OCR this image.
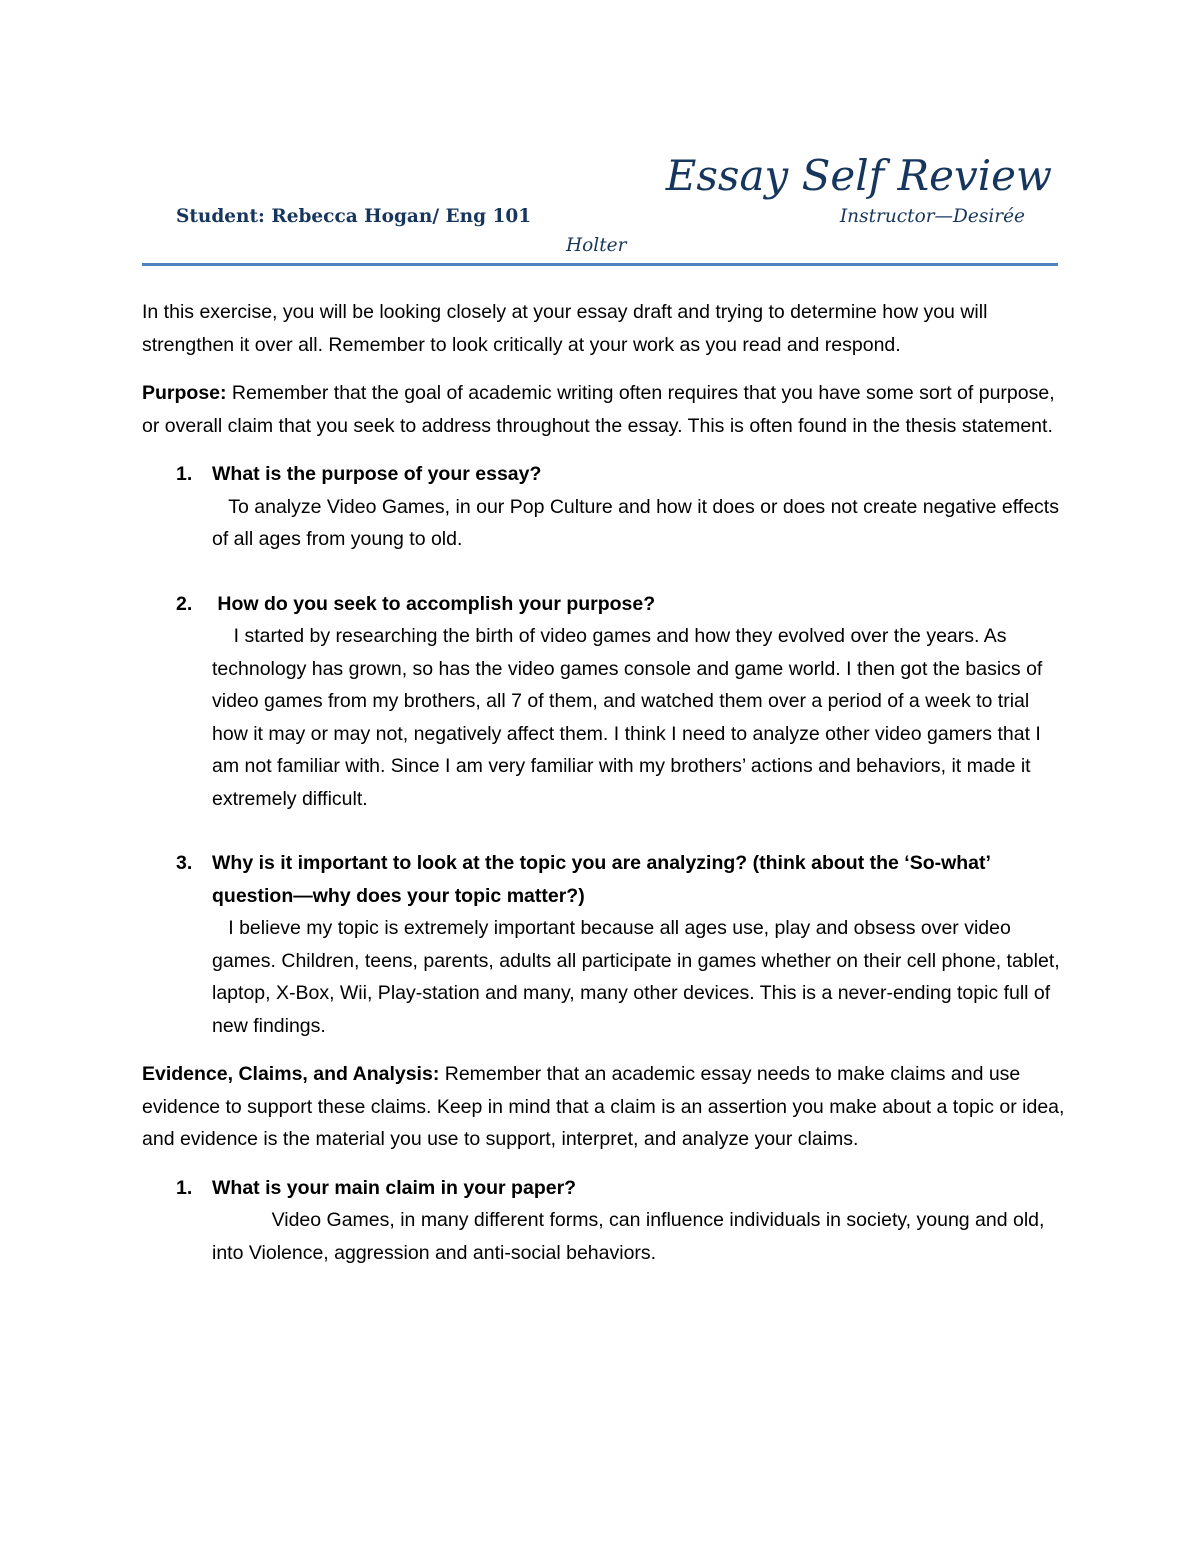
Essay Self Review
Student: Rebecca Hogan/ Eng 101	Instructor—Desirée
Holter

In this exercise, you will be looking closely at your essay draft and trying to determine how you will strengthen it over all. Remember to look critically at your work as you read and respond.

Purpose: Remember that the goal of academic writing often requires that you have some sort of purpose, or overall claim that you seek to address throughout the essay. This is often found in the thesis statement.

1. What is the purpose of your essay?
To analyze Video Games, in our Pop Culture and how it does or does not create negative effects of all ages from young to old.
2. How do you seek to accomplish your purpose?
I started by researching the birth of video games and how they evolved over the years. As technology has grown, so has the video games console and game world. I then got the basics of video games from my brothers, all 7 of them, and watched them over a period of a week to trial how it may or may not, negatively affect them. I think I need to analyze other video gamers that I am not familiar with. Since I am very familiar with my brothers’ actions and behaviors, it made it extremely difficult.
3. Why is it important to look at the topic you are analyzing? (think about the ‘So-what’ question—why does your topic matter?)
I believe my topic is extremely important because all ages use, play and obsess over video games. Children, teens, parents, adults all participate in games whether on their cell phone, tablet, laptop, X-Box, Wii, Play-station and many, many other devices. This is a never-ending topic full of new findings.

Evidence, Claims, and Analysis: Remember that an academic essay needs to make claims and use evidence to support these claims. Keep in mind that a claim is an assertion you make about a topic or idea, and evidence is the material you use to support, interpret, and analyze your claims.

1. What is your main claim in your paper?
Video Games, in many different forms, can influence individuals in society, young and old, into Violence, aggression and anti-social behaviors.
